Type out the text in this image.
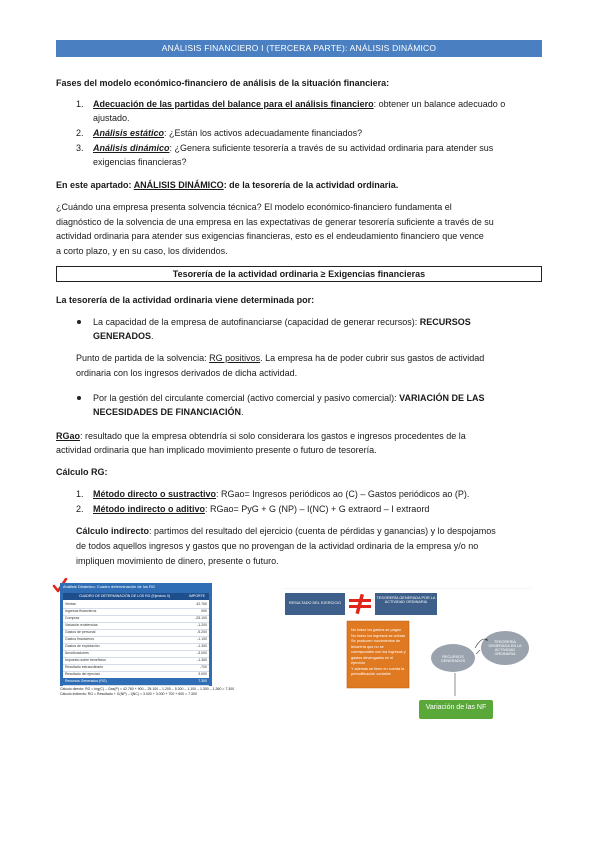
ANÁLISIS FINANCIERO I (TERCERA PARTE): ANÁLISIS DINÁMICO
Fases del modelo económico-financiero de análisis de la situación financiera:
1. Adecuación de las partidas del balance para el análisis financiero: obtener un balance adecuado o
ajustado.
2. Análisis estático: ¿Están los activos adecuadamente financiados?
3. Análisis dinámico: ¿Genera suficiente tesorería a través de su actividad ordinaria para atender sus
exigencias financieras?
En este apartado: ANÁLISIS DINÁMICO: de la tesorería de la actividad ordinaria.
¿Cuándo una empresa presenta solvencia técnica? El modelo económico-financiero fundamenta el
diagnóstico de la solvencia de una empresa en las expectativas de generar tesorería suficiente a través de su
actividad ordinaria para atender sus exigencias financieras, esto es el endeudamiento financiero que vence
a corto plazo, y en su caso, los dividendos.
Tesorería de la actividad ordinaria ≥ Exigencias financieras
La tesorería de la actividad ordinaria viene determinada por:
La capacidad de la empresa de autofinanciarse (capacidad de generar recursos): RECURSOS
GENERADOS.
Punto de partida de la solvencia: RG positivos. La empresa ha de poder cubrir sus gastos de actividad
ordinaria con los ingresos derivados de dicha actividad.
Por la gestión del circulante comercial (activo comercial y pasivo comercial): VARIACIÓN DE LAS
NECESIDADES DE FINANCIACIÓN.
RGao: resultado que la empresa obtendría si solo considerara los gastos e ingresos procedentes de la
actividad ordinaria que han implicado movimiento presente o futuro de tesorería.
Cálculo RG:
1. Método directo o sustractivo: RGao= Ingresos periódicos ao (C) – Gastos periódicos ao (P).
2. Método indirecto o aditivo: RGao= PyG + G (NP) – I(NC) + G extraord – I extraord
Cálculo indirecto: partimos del resultado del ejercicio (cuenta de pérdidas y ganancias) y lo despojamos
de todos aquellos ingresos y gastos que no provengan de la actividad ordinaria de la empresa y/o no
impliquen movimiento de dinero, presente o futuro.
Análisis Dinámico: Cuadro determinación de los RG
CUADRO DE DETERMINACIÓN DE LOS RG (Ejercicio X)	IMPORTE
Ventas	42.760
Ingresos financieros	900
Compras	-25.100
Variación existencias	-1.200
Gastos de personal	-5.200
Gastos financieros	-1.100
Gastos de explotación	-1.300
Amortizaciones	-3.000
Impuesto sobre beneficios	-1.360
Resultado extraordinario	-700
Resultado del ejercicio	3.000
Recursos Generados (RG)	7.300
Cálculo directo: RG = Ing(C) – Gas(P) = 42.760 + 900 – 25.100 – 1.200 – 5.200 – 1.100 – 1.300 – 1.360 = 7.300
Cálculo indirecto: RG = Resultado + G(NP) – I(NC) = 3.000 + 3.000 + 700 + 600 = 7.300
RESULTADO DEL EJERCICIO
TESORERÍA GENERADA POR LA ACTIVIDAD ORDINARIA
No todos los gastos se pagan
No todos los ingresos se cobran
Se producen movimientos de tesorería que no se corresponden con los ingresos y gastos devengados en el ejercicio
Y además se tiene en cuenta la periodificación contable
RECURSOS GENERADOS
TESORERÍA GENERADA EN LA ACTIVIDAD ORDINARIA
Variación de las NF
